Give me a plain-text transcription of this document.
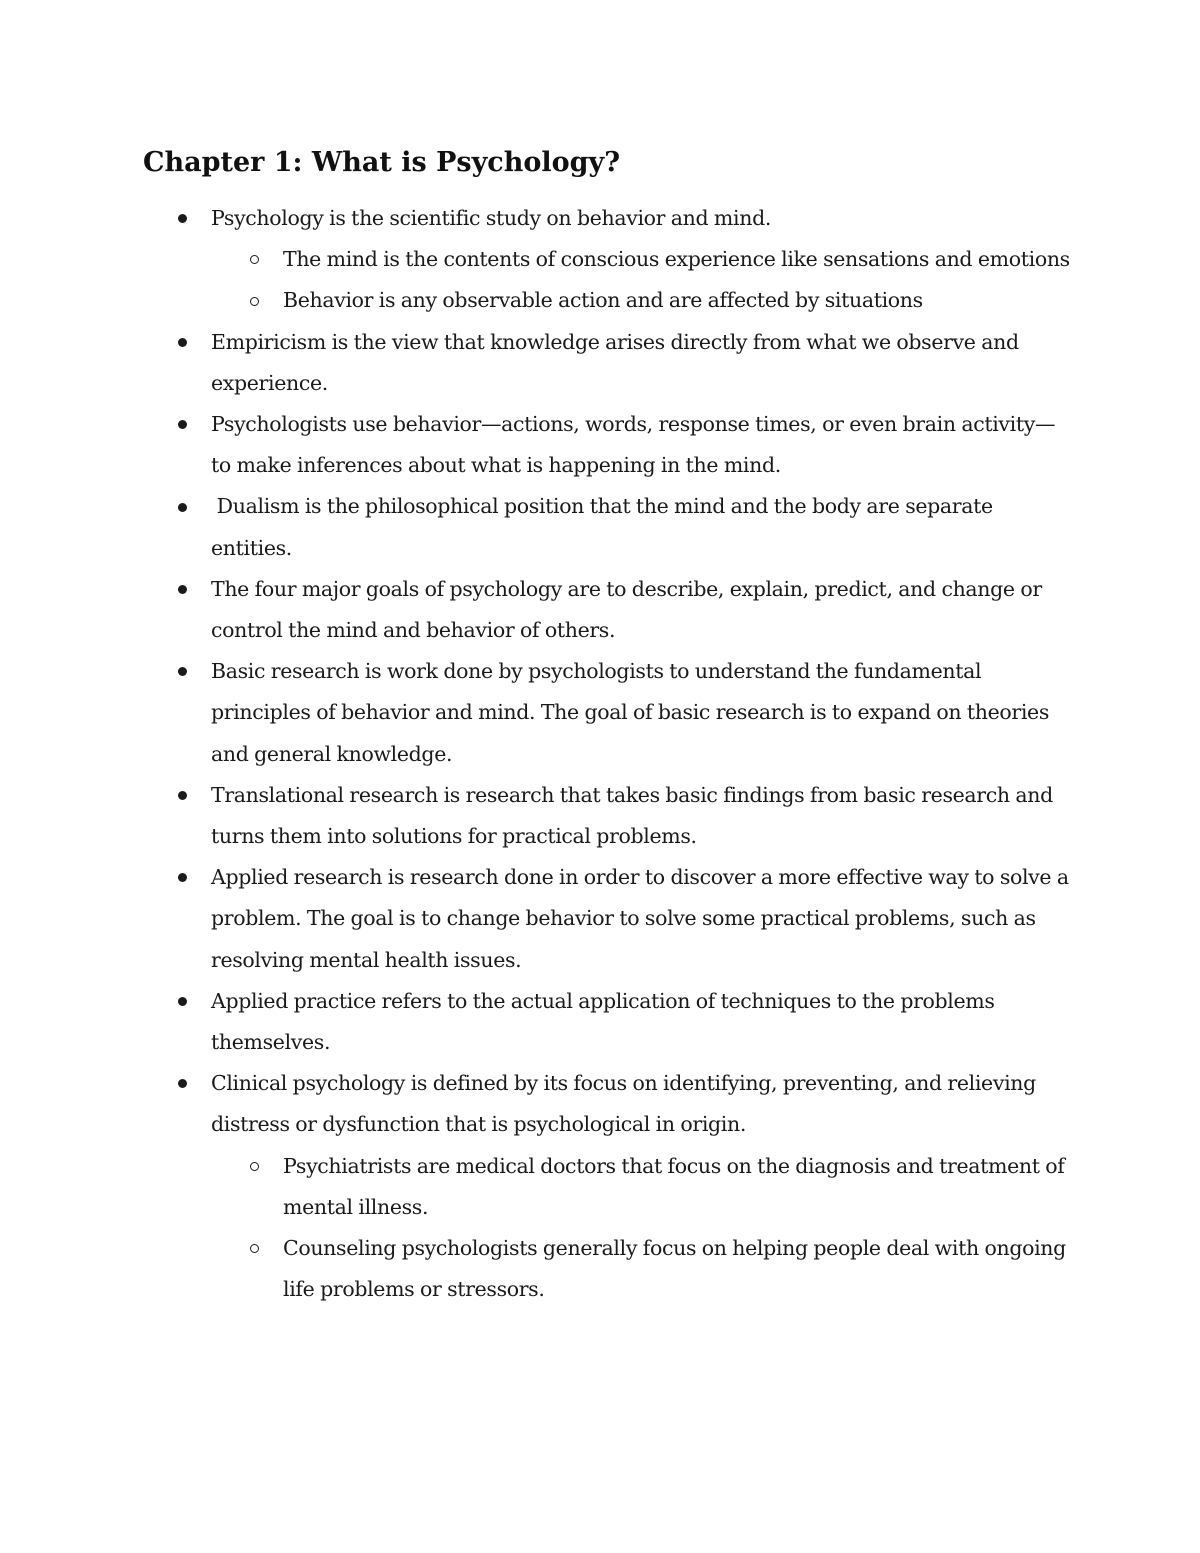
Chapter 1: What is Psychology?
Psychology is the scientific study on behavior and mind.
The mind is the contents of conscious experience like sensations and emotions
Behavior is any observable action and are affected by situations
Empiricism is the view that knowledge arises directly from what we observe and experience.
Psychologists use behavior—actions, words, response times, or even brain activity—to make inferences about what is happening in the mind.
Dualism is the philosophical position that the mind and the body are separate entities.
The four major goals of psychology are to describe, explain, predict, and change or control the mind and behavior of others.
Basic research is work done by psychologists to understand the fundamental principles of behavior and mind. The goal of basic research is to expand on theories and general knowledge.
Translational research is research that takes basic findings from basic research and turns them into solutions for practical problems.
Applied research is research done in order to discover a more effective way to solve a problem. The goal is to change behavior to solve some practical problems, such as resolving mental health issues.
Applied practice refers to the actual application of techniques to the problems themselves.
Clinical psychology is defined by its focus on identifying, preventing, and relieving distress or dysfunction that is psychological in origin.
Psychiatrists are medical doctors that focus on the diagnosis and treatment of mental illness.
Counseling psychologists generally focus on helping people deal with ongoing life problems or stressors.
